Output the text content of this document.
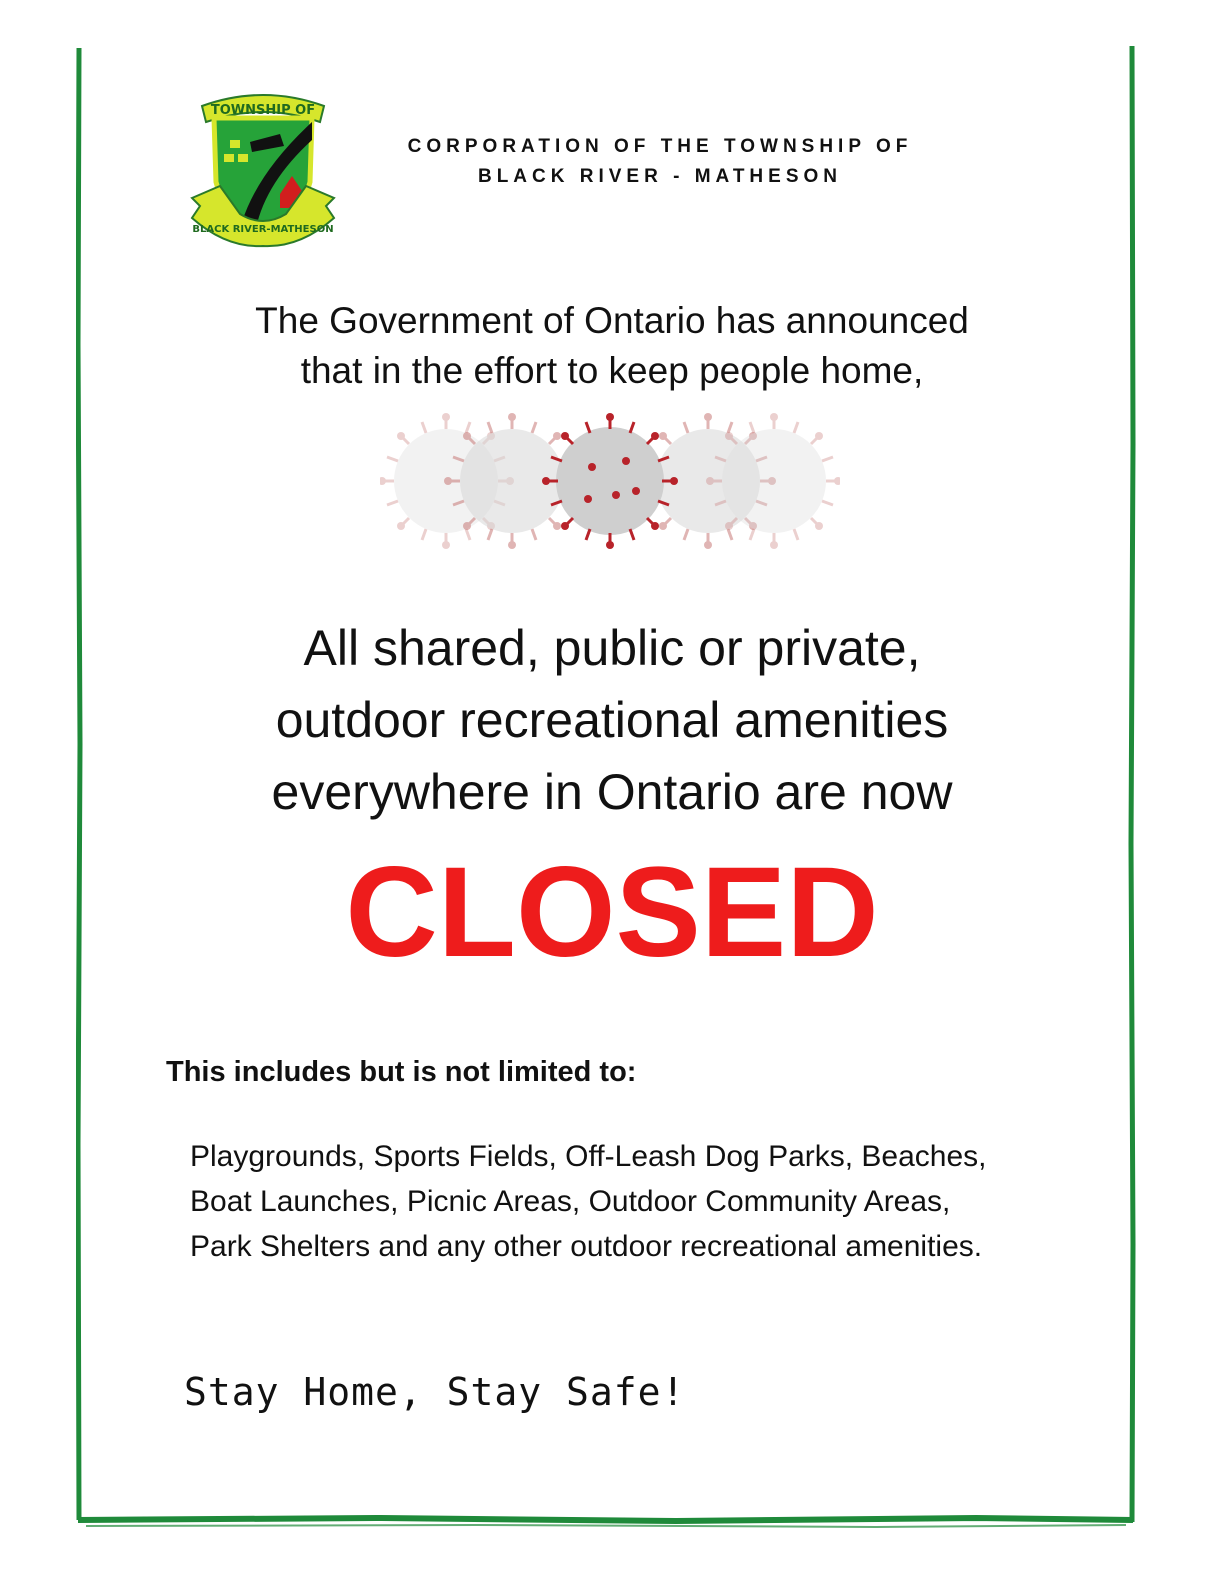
TOWNSHIP OF
BLACK RIVER-MATHESON
CORPORATION OF THE TOWNSHIP OF
BLACK RIVER - MATHESON
The Government of Ontario has announced
that in the effort to keep people home,
All shared, public or private,
outdoor recreational amenities
everywhere in Ontario are now
CLOSED
This includes but is not limited to:
Playgrounds, Sports Fields, Off-Leash Dog Parks, Beaches,
Boat Launches, Picnic Areas, Outdoor Community Areas,
Park Shelters and any other outdoor recreational amenities.
Stay Home, Stay Safe!
